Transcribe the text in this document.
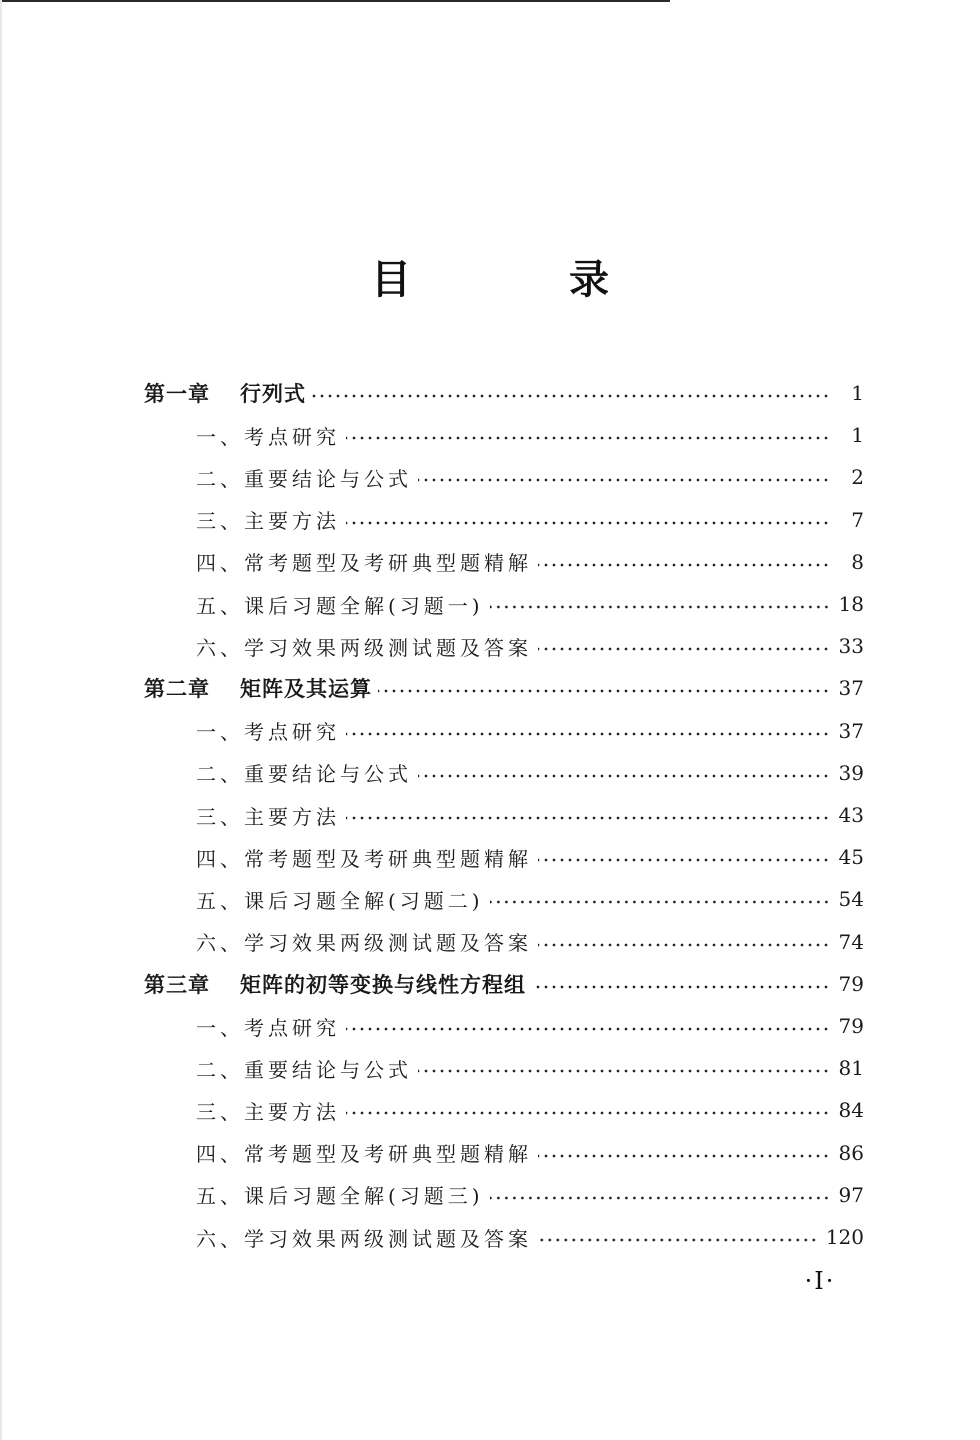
目 录
第一章 行列式	1
一、考点研究	1
二、重要结论与公式	2
三、主要方法	7
四、常考题型及考研典型题精解	8
五、课后习题全解(习题一)	18
六、学习效果两级测试题及答案	33
第二章 矩阵及其运算	37
一、考点研究	37
二、重要结论与公式	39
三、主要方法	43
四、常考题型及考研典型题精解	45
五、课后习题全解(习题二)	54
六、学习效果两级测试题及答案	74
第三章 矩阵的初等变换与线性方程组	79
一、考点研究	79
二、重要结论与公式	81
三、主要方法	84
四、常考题型及考研典型题精解	86
五、课后习题全解(习题三)	97
六、学习效果两级测试题及答案	120
·I·
